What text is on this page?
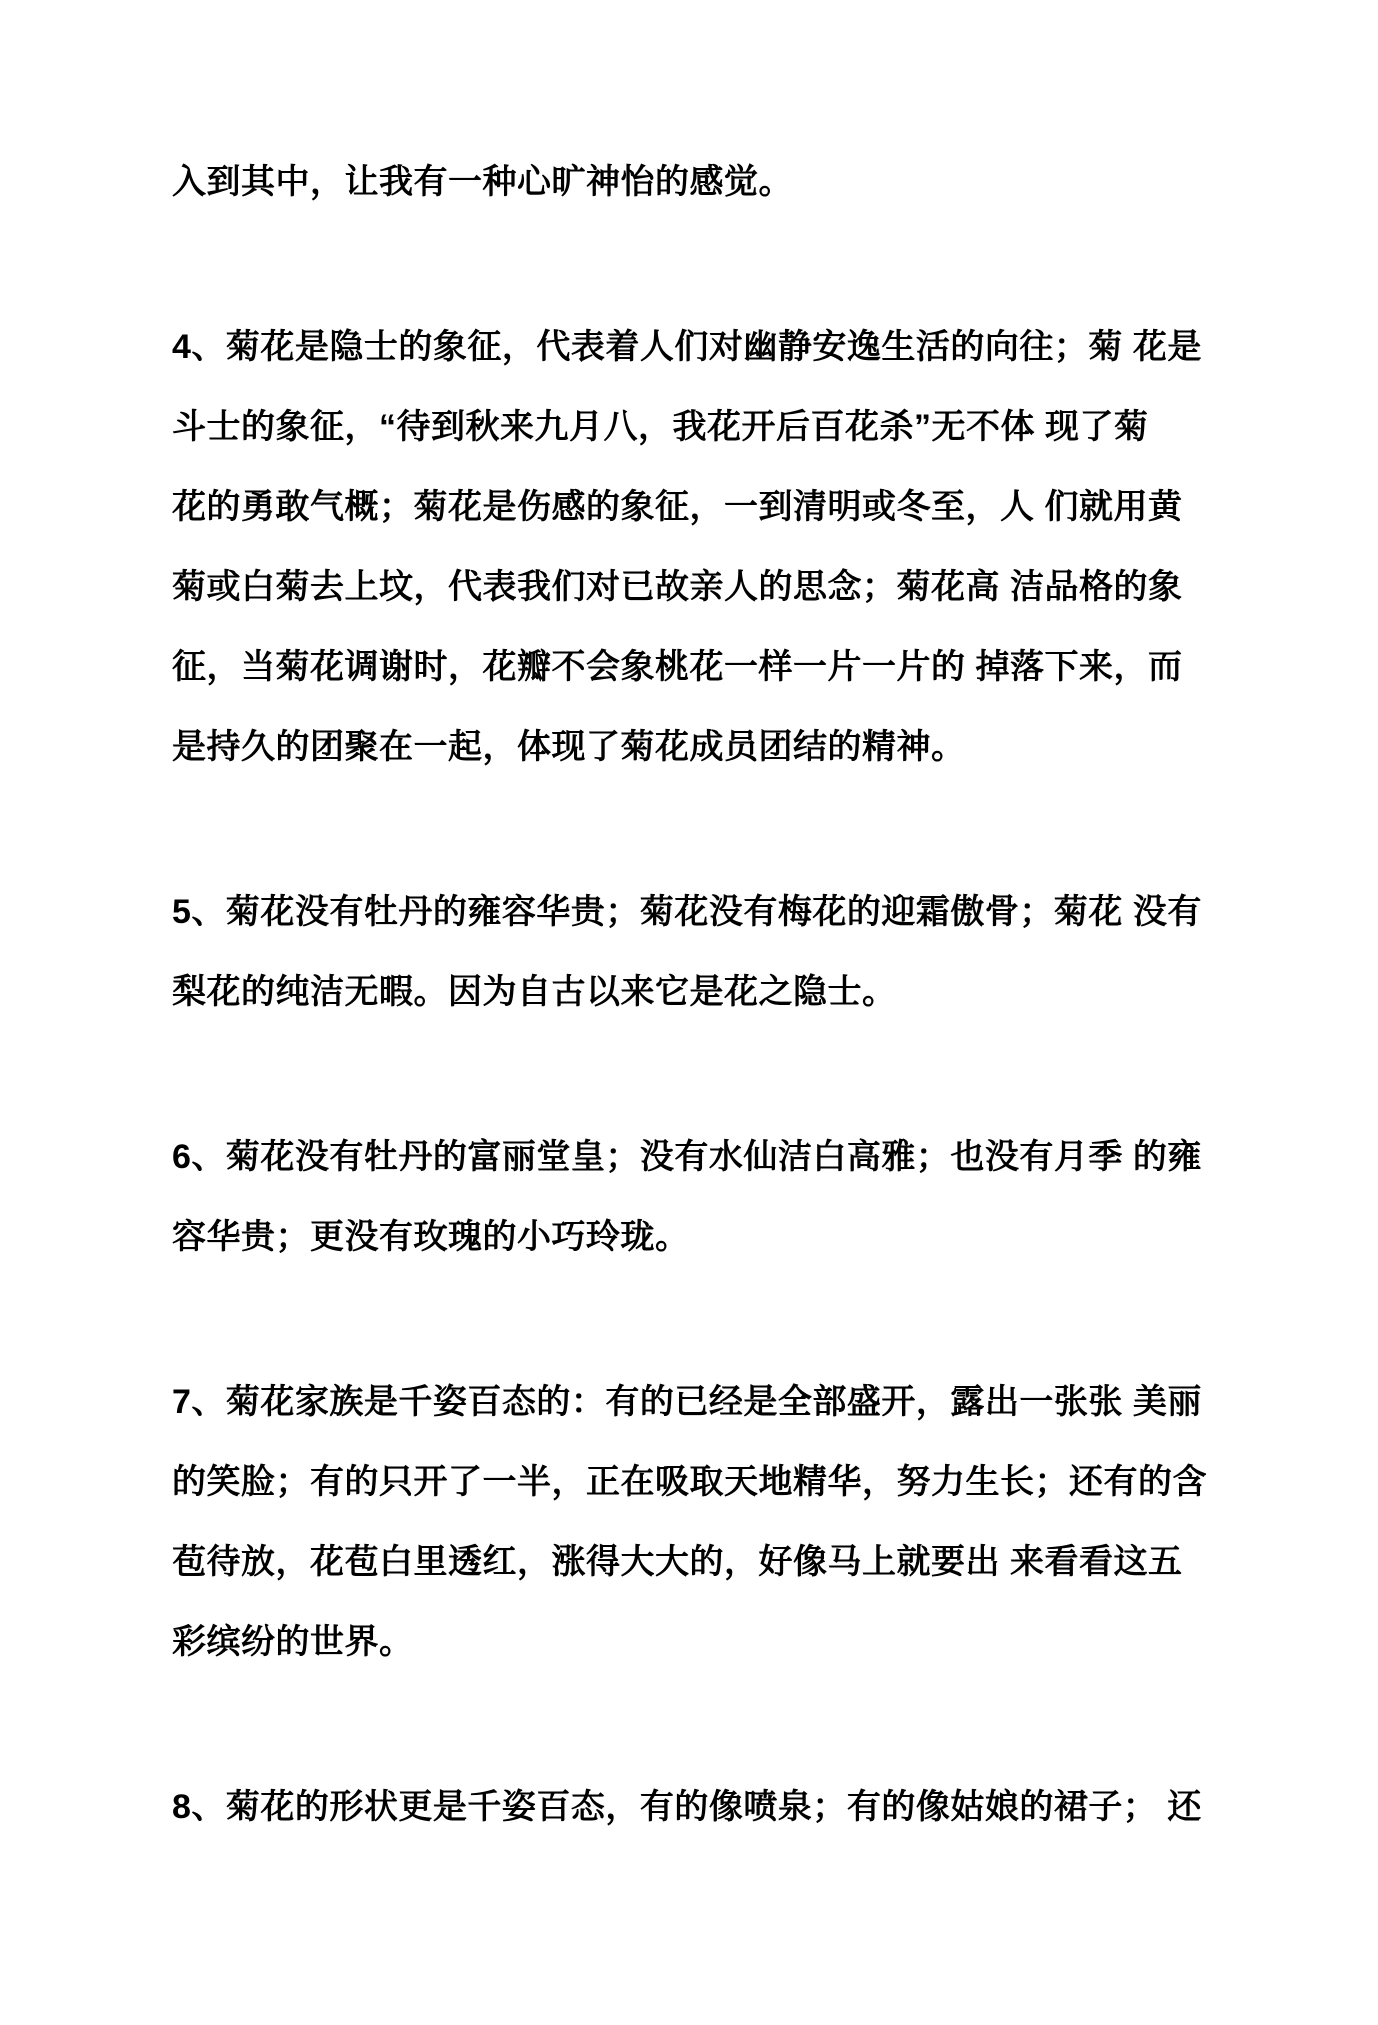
入到其中，让我有一种心旷神怡的感觉。
4、菊花是隐士的象征，代表着人们对幽静安逸生活的向往；菊 花是
斗士的象征，“待到秋来九月八，我花开后百花杀”无不体 现了菊
花的勇敢气概；菊花是伤感的象征，一到清明或冬至，人 们就用黄
菊或白菊去上坟，代表我们对已故亲人的思念；菊花高 洁品格的象
征，当菊花调谢时，花瓣不会象桃花一样一片一片的 掉落下来，而
是持久的团聚在一起，体现了菊花成员团结的精神。
5、菊花没有牡丹的雍容华贵；菊花没有梅花的迎霜傲骨；菊花 没有
梨花的纯洁无暇。因为自古以来它是花之隐士。
6、菊花没有牡丹的富丽堂皇；没有水仙洁白高雅；也没有月季 的雍
容华贵；更没有玫瑰的小巧玲珑。
7、菊花家族是千姿百态的：有的已经是全部盛开，露出一张张 美丽
的笑脸；有的只开了一半，正在吸取天地精华，努力生长；还有的含
苞待放，花苞白里透红，涨得大大的，好像马上就要出 来看看这五
彩缤纷的世界。
8、菊花的形状更是千姿百态，有的像喷泉；有的像姑娘的裙子； 还
